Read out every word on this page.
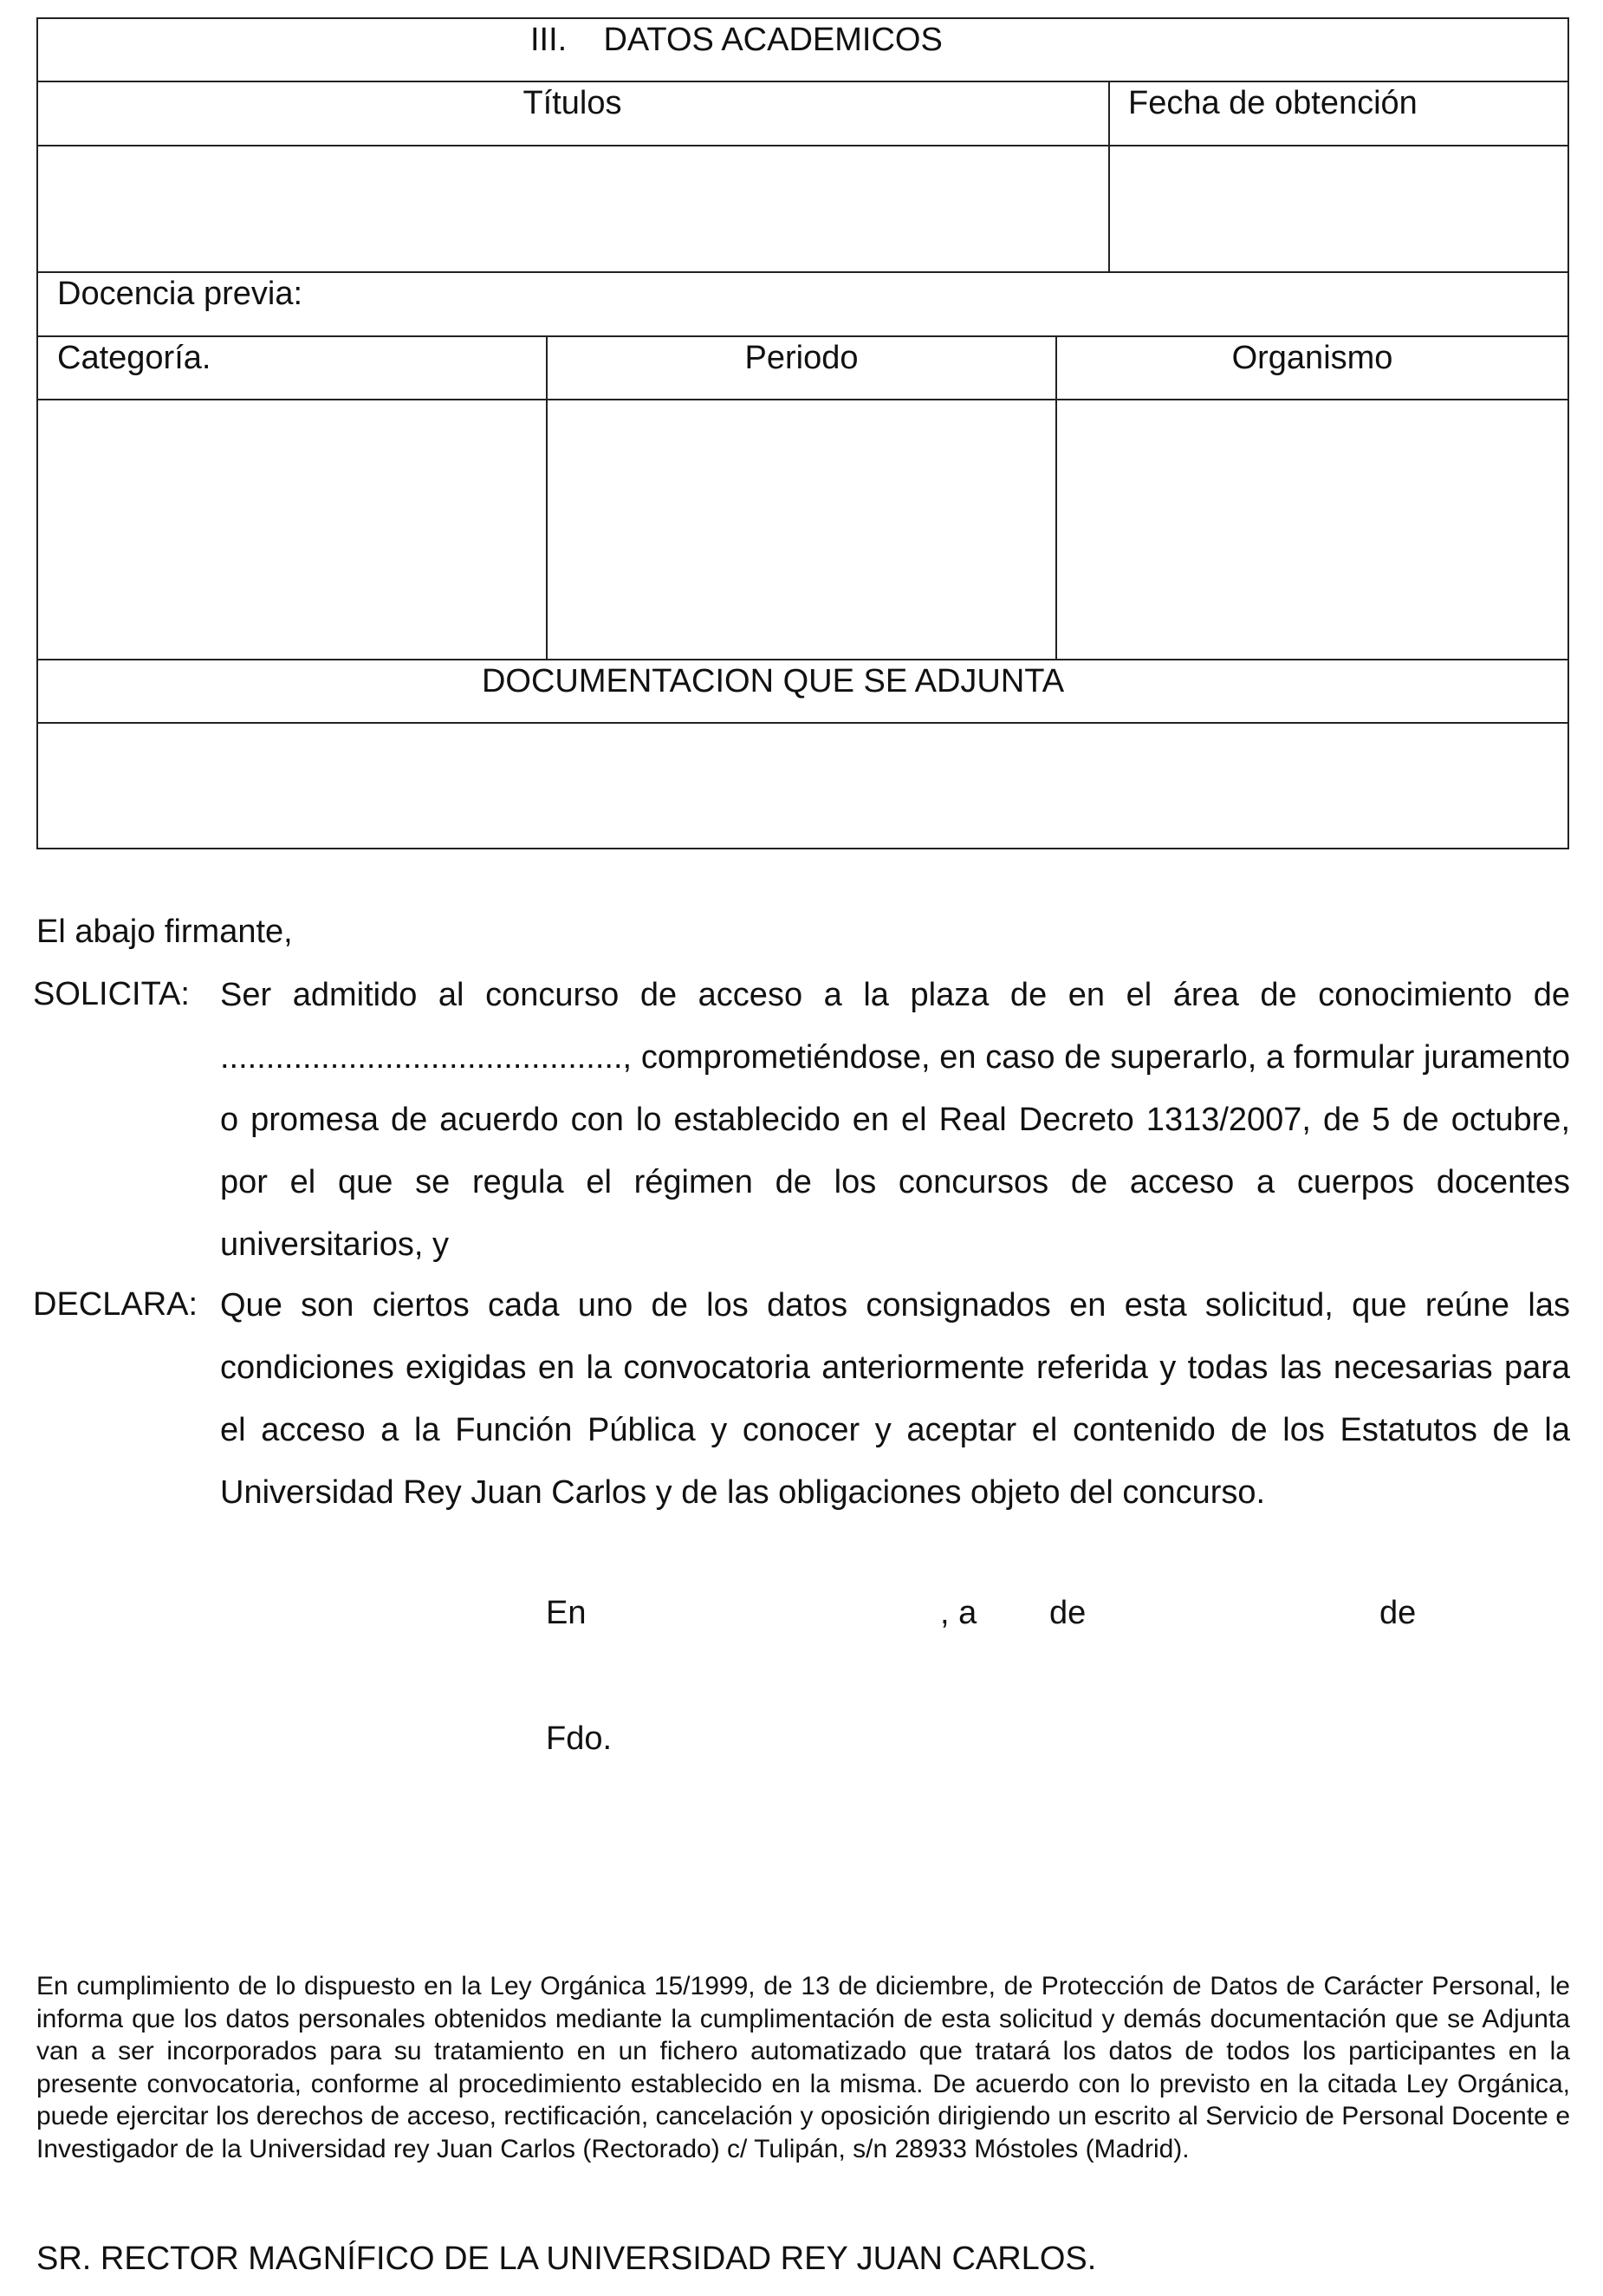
III.    DATOS ACADEMICOS
Títulos	Fecha de obtención
Docencia previa:
Categoría.	Periodo	Organismo
DOCUMENTACION QUE SE ADJUNTA
El abajo firmante,
SOLICITA: Ser admitido al concurso de acceso a la plaza de en el área de conocimiento de ............................................, comprometiéndose, en caso de superarlo, a formular juramento o promesa de acuerdo con lo establecido en el Real Decreto 1313/2007, de 5 de octubre, por el que se regula el régimen de los concursos de acceso a cuerpos docentes universitarios, y

DECLARA: Que son ciertos cada uno de los datos consignados en esta solicitud, que reúne las condiciones exigidas en la convocatoria anteriormente referida y todas las necesarias para el acceso a la Función Pública y conocer y aceptar el contenido de los Estatutos de la Universidad Rey Juan Carlos y de las obligaciones objeto del concurso.

En	, a de	de
Fdo.
En cumplimiento de lo dispuesto en la Ley Orgánica 15/1999, de 13 de diciembre, de Protección de Datos de Carácter Personal, le informa que los datos personales obtenidos mediante la cumplimentación de esta solicitud y demás documentación que se Adjunta van a ser incorporados para su tratamiento en un fichero automatizado que tratará los datos de todos los participantes en la presente convocatoria, conforme al procedimiento establecido en la misma. De acuerdo con lo previsto en la citada Ley Orgánica, puede ejercitar los derechos de acceso, rectificación, cancelación y oposición dirigiendo un escrito al Servicio de Personal Docente e Investigador de la Universidad rey Juan Carlos (Rectorado) c/ Tulipán, s/n 28933 Móstoles (Madrid).
SR. RECTOR MAGNÍFICO DE LA UNIVERSIDAD REY JUAN CARLOS.
